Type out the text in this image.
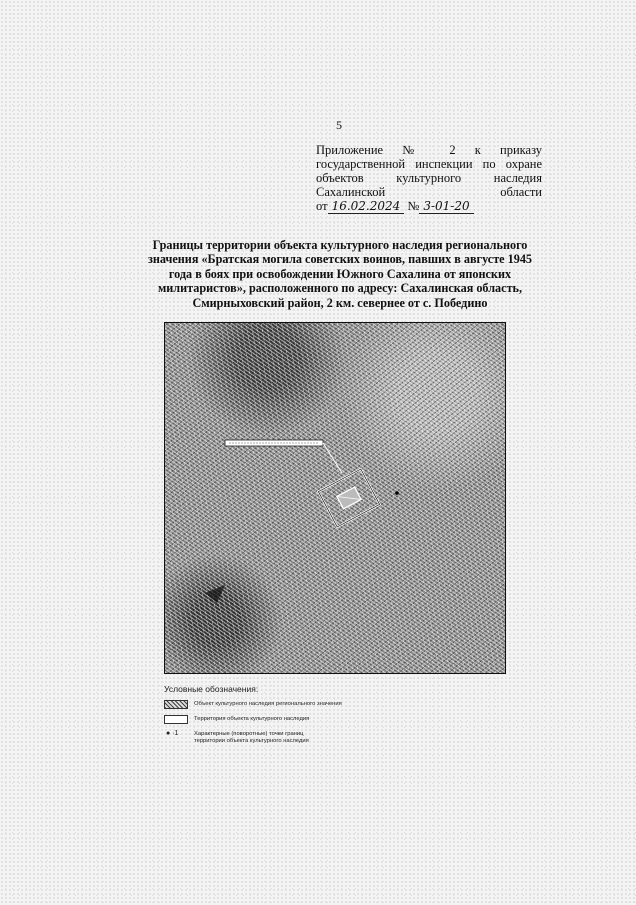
5
Приложение № 2 к приказу
государственной инспекции по охране
объектов культурного наследия
Сахалинской области
от 16.02.2024 № 3-01-20
Границы территории объекта культурного наследия регионального
значения «Братская могила советских воинов, павших в августе 1945
года в боях при освобождении Южного Сахалина от японских
милитаристов», расположенного по адресу: Сахалинская область,
Смирныховский район, 2 км. севернее от с. Победино
Условные обозначения:
Объект культурного наследия регионального значения
Территория объекта культурного наследия
● ·1	Характерные (поворотные) точки границ
территории объекта культурного наследия
